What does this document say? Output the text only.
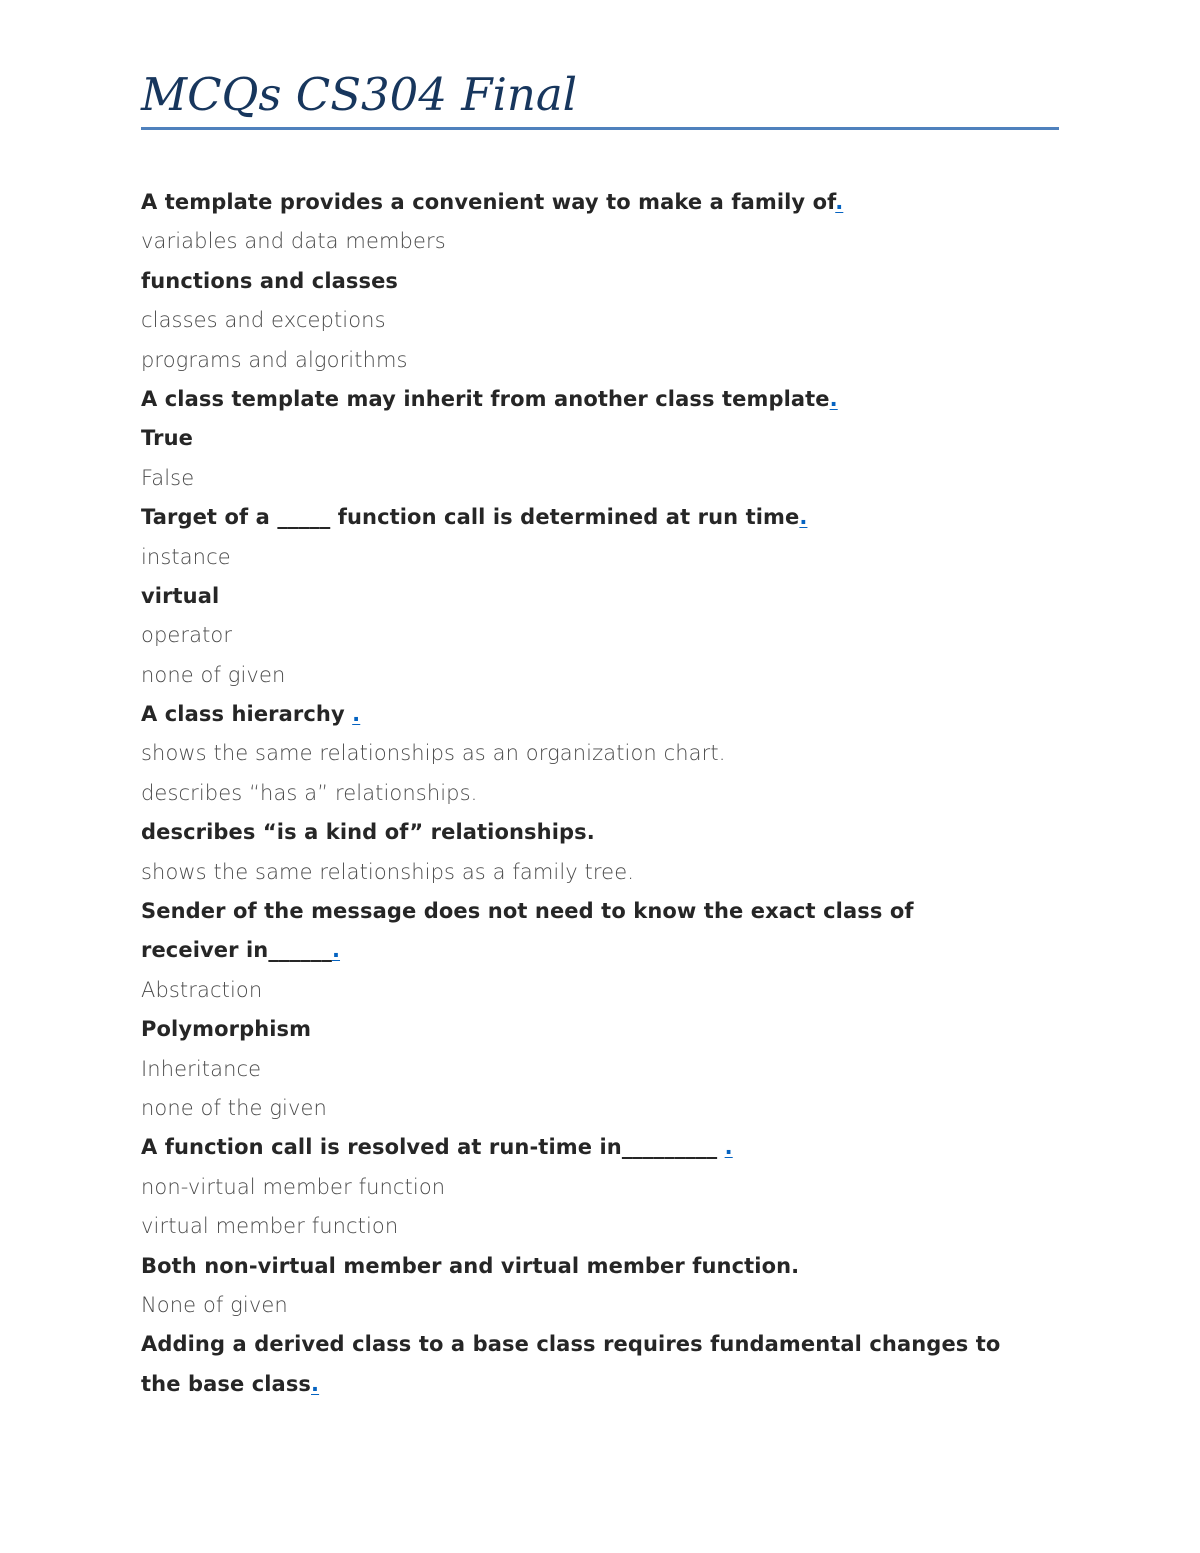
MCQs CS304 Final
A template provides a convenient way to make a family of.
variables and data members
functions and classes
classes and exceptions
programs and algorithms
A class template may inherit from another class template.
True
False
Target of a _____ function call is determined at run time.
instance
virtual
operator
none of given
A class hierarchy .
shows the same relationships as an organization chart.
describes “has a” relationships.
describes “is a kind of” relationships.
shows the same relationships as a family tree.
Sender of the message does not need to know the exact class of
receiver in______.
Abstraction
Polymorphism
Inheritance
none of the given
A function call is resolved at run-time in_________ .
non-virtual member function
virtual member function
Both non-virtual member and virtual member function.
None of given
Adding a derived class to a base class requires fundamental changes to
the base class.
